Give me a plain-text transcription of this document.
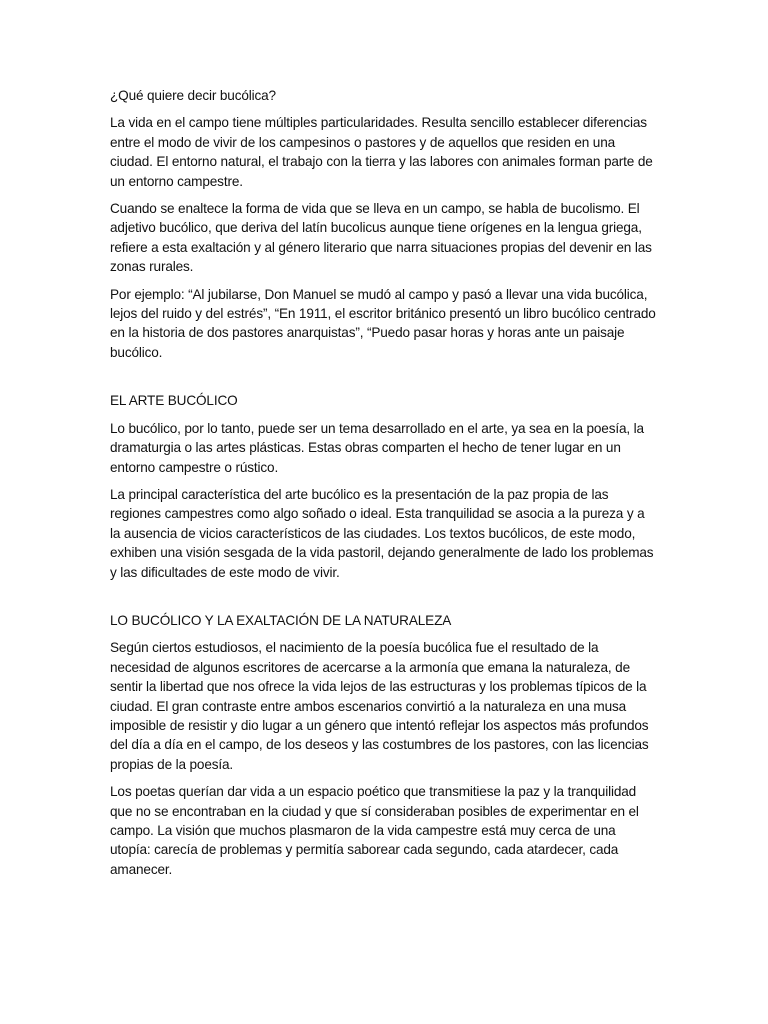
¿Qué quiere decir bucólica?

La vida en el campo tiene múltiples particularidades. Resulta sencillo establecer diferencias entre el modo de vivir de los campesinos o pastores y de aquellos que residen en una ciudad. El entorno natural, el trabajo con la tierra y las labores con animales forman parte de un entorno campestre.

Cuando se enaltece la forma de vida que se lleva en un campo, se habla de bucolismo. El adjetivo bucólico, que deriva del latín bucolicus aunque tiene orígenes en la lengua griega, refiere a esta exaltación y al género literario que narra situaciones propias del devenir en las zonas rurales.

Por ejemplo: “Al jubilarse, Don Manuel se mudó al campo y pasó a llevar una vida bucólica, lejos del ruido y del estrés”, “En 1911, el escritor británico presentó un libro bucólico centrado en la historia de dos pastores anarquistas”, “Puedo pasar horas y horas ante un paisaje bucólico.

EL ARTE BUCÓLICO

Lo bucólico, por lo tanto, puede ser un tema desarrollado en el arte, ya sea en la poesía, la dramaturgia o las artes plásticas. Estas obras comparten el hecho de tener lugar en un entorno campestre o rústico.

La principal característica del arte bucólico es la presentación de la paz propia de las regiones campestres como algo soñado o ideal. Esta tranquilidad se asocia a la pureza y a la ausencia de vicios característicos de las ciudades. Los textos bucólicos, de este modo, exhiben una visión sesgada de la vida pastoril, dejando generalmente de lado los problemas y las dificultades de este modo de vivir.

LO BUCÓLICO Y LA EXALTACIÓN DE LA NATURALEZA

Según ciertos estudiosos, el nacimiento de la poesía bucólica fue el resultado de la necesidad de algunos escritores de acercarse a la armonía que emana la naturaleza, de sentir la libertad que nos ofrece la vida lejos de las estructuras y los problemas típicos de la ciudad. El gran contraste entre ambos escenarios convirtió a la naturaleza en una musa imposible de resistir y dio lugar a un género que intentó reflejar los aspectos más profundos del día a día en el campo, de los deseos y las costumbres de los pastores, con las licencias propias de la poesía.

Los poetas querían dar vida a un espacio poético que transmitiese la paz y la tranquilidad que no se encontraban en la ciudad y que sí consideraban posibles de experimentar en el campo. La visión que muchos plasmaron de la vida campestre está muy cerca de una utopía: carecía de problemas y permitía saborear cada segundo, cada atardecer, cada amanecer.
